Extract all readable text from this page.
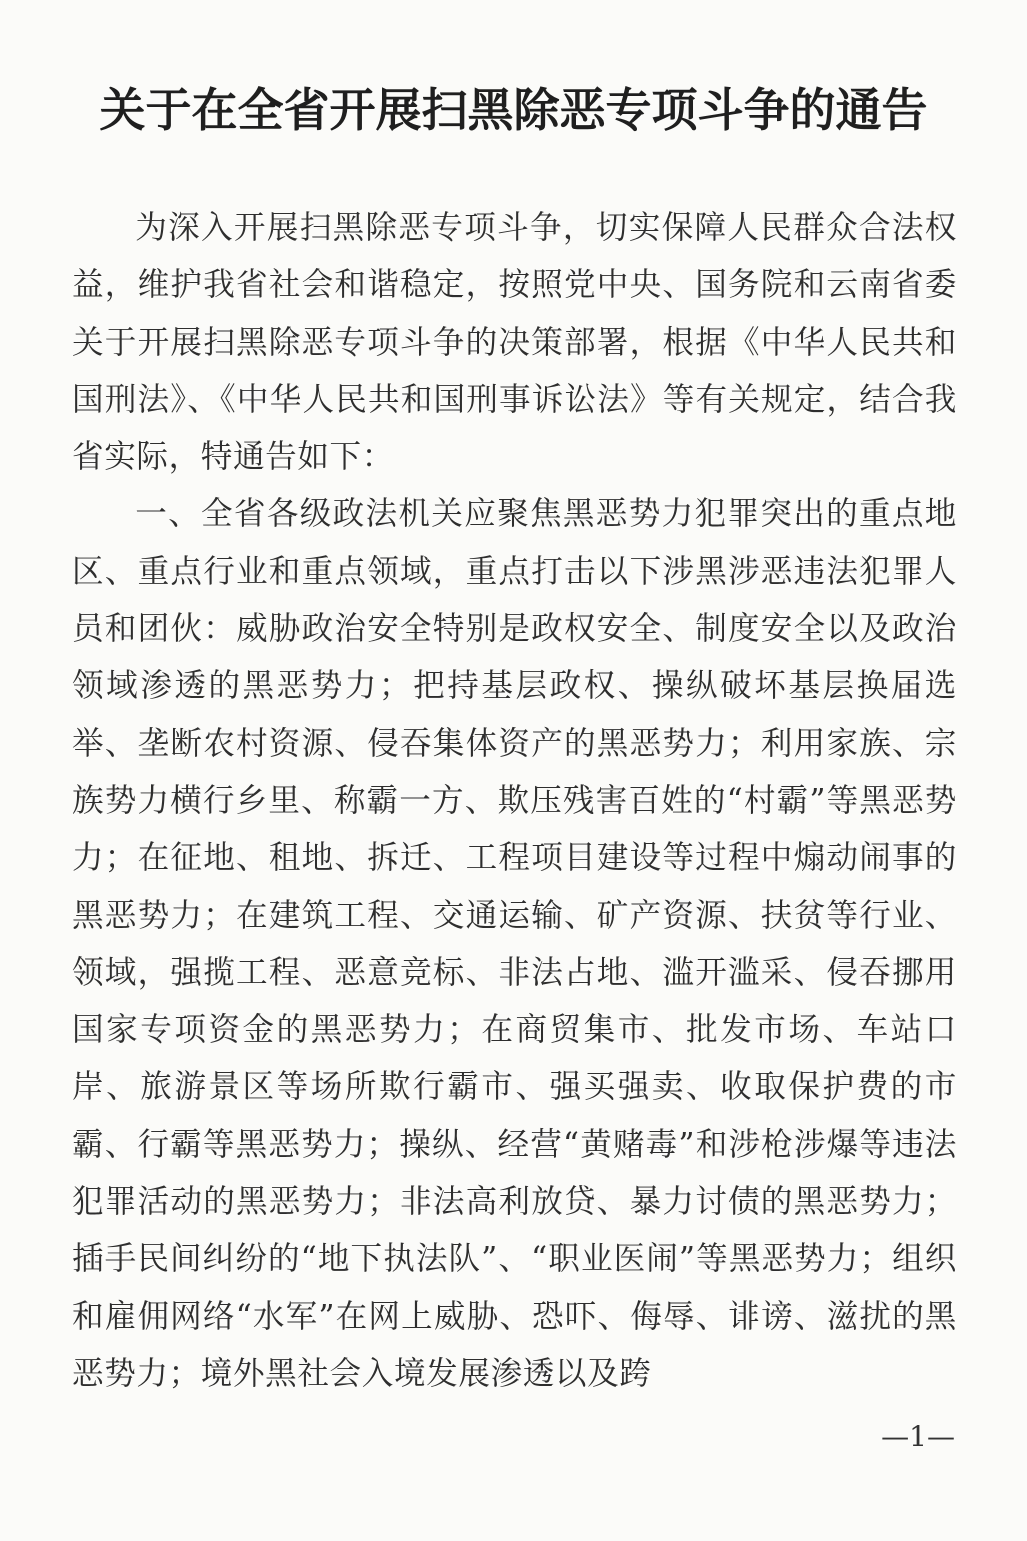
关于在全省开展扫黑除恶专项斗争的通告

为深入开展扫黑除恶专项斗争，切实保障人民群众合法权益，维护我省社会和谐稳定，按照党中央、国务院和云南省委关于开展扫黑除恶专项斗争的决策部署，根据《中华人民共和国刑法》、《中华人民共和国刑事诉讼法》等有关规定，结合我省实际，特通告如下：

一、全省各级政法机关应聚焦黑恶势力犯罪突出的重点地区、重点行业和重点领域，重点打击以下涉黑涉恶违法犯罪人员和团伙：威胁政治安全特别是政权安全、制度安全以及政治领域渗透的黑恶势力；把持基层政权、操纵破坏基层换届选举、垄断农村资源、侵吞集体资产的黑恶势力；利用家族、宗族势力横行乡里、称霸一方、欺压残害百姓的“村霸”等黑恶势力；在征地、租地、拆迁、工程项目建设等过程中煽动闹事的黑恶势力；在建筑工程、交通运输、矿产资源、扶贫等行业、领域，强揽工程、恶意竞标、非法占地、滥开滥采、侵吞挪用国家专项资金的黑恶势力；在商贸集市、批发市场、车站口岸、旅游景区等场所欺行霸市、强买强卖、收取保护费的市霸、行霸等黑恶势力；操纵、经营“黄赌毒”和涉枪涉爆等违法犯罪活动的黑恶势力；非法高利放贷、暴力讨债的黑恶势力；插手民间纠纷的“地下执法队”、“职业医闹”等黑恶势力；组织和雇佣网络“水军”在网上威胁、恐吓、侮辱、诽谤、滋扰的黑恶势力；境外黑社会入境发展渗透以及跨

—1—
